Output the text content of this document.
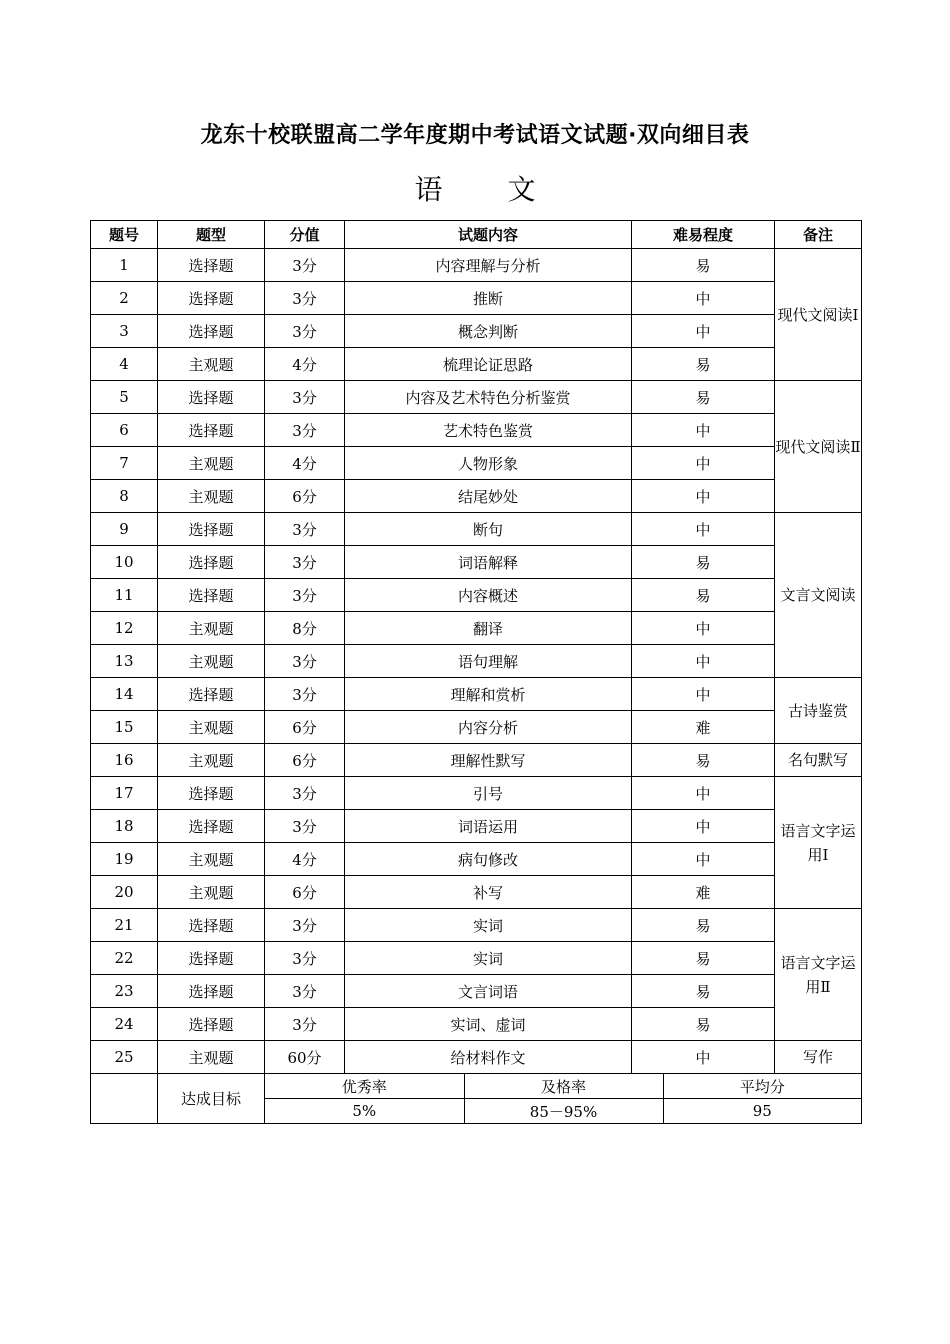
龙东十校联盟高二学年度期中考试语文试题·双向细目表
语 文
题号	题型	分值	试题内容	难易程度	备注
1	选择题	3分	内容理解与分析	易	现代文阅读Ⅰ
2	选择题	3分	推断	中
3	选择题	3分	概念判断	中
4	主观题	4分	梳理论证思路	易
5	选择题	3分	内容及艺术特色分析鉴赏	易	现代文阅读Ⅱ
6	选择题	3分	艺术特色鉴赏	中
7	主观题	4分	人物形象	中
8	主观题	6分	结尾妙处	中
9	选择题	3分	断句	中	文言文阅读
10	选择题	3分	词语解释	易
11	选择题	3分	内容概述	易
12	主观题	8分	翻译	中
13	主观题	3分	语句理解	中
14	选择题	3分	理解和赏析	中	古诗鉴赏
15	主观题	6分	内容分析	难
16	主观题	6分	理解性默写	易	名句默写
17	选择题	3分	引号	中	语言文字运用Ⅰ
18	选择题	3分	词语运用	中
19	主观题	4分	病句修改	中
20	主观题	6分	补写	难
21	选择题	3分	实词	易	语言文字运用Ⅱ
22	选择题	3分	实词	易
23	选择题	3分	文言词语	易
24	选择题	3分	实词、虚词	易
25	主观题	60分	给材料作文	中	写作
	达成目标	
优秀率	及格率	平均分
5%	85－95%	95
